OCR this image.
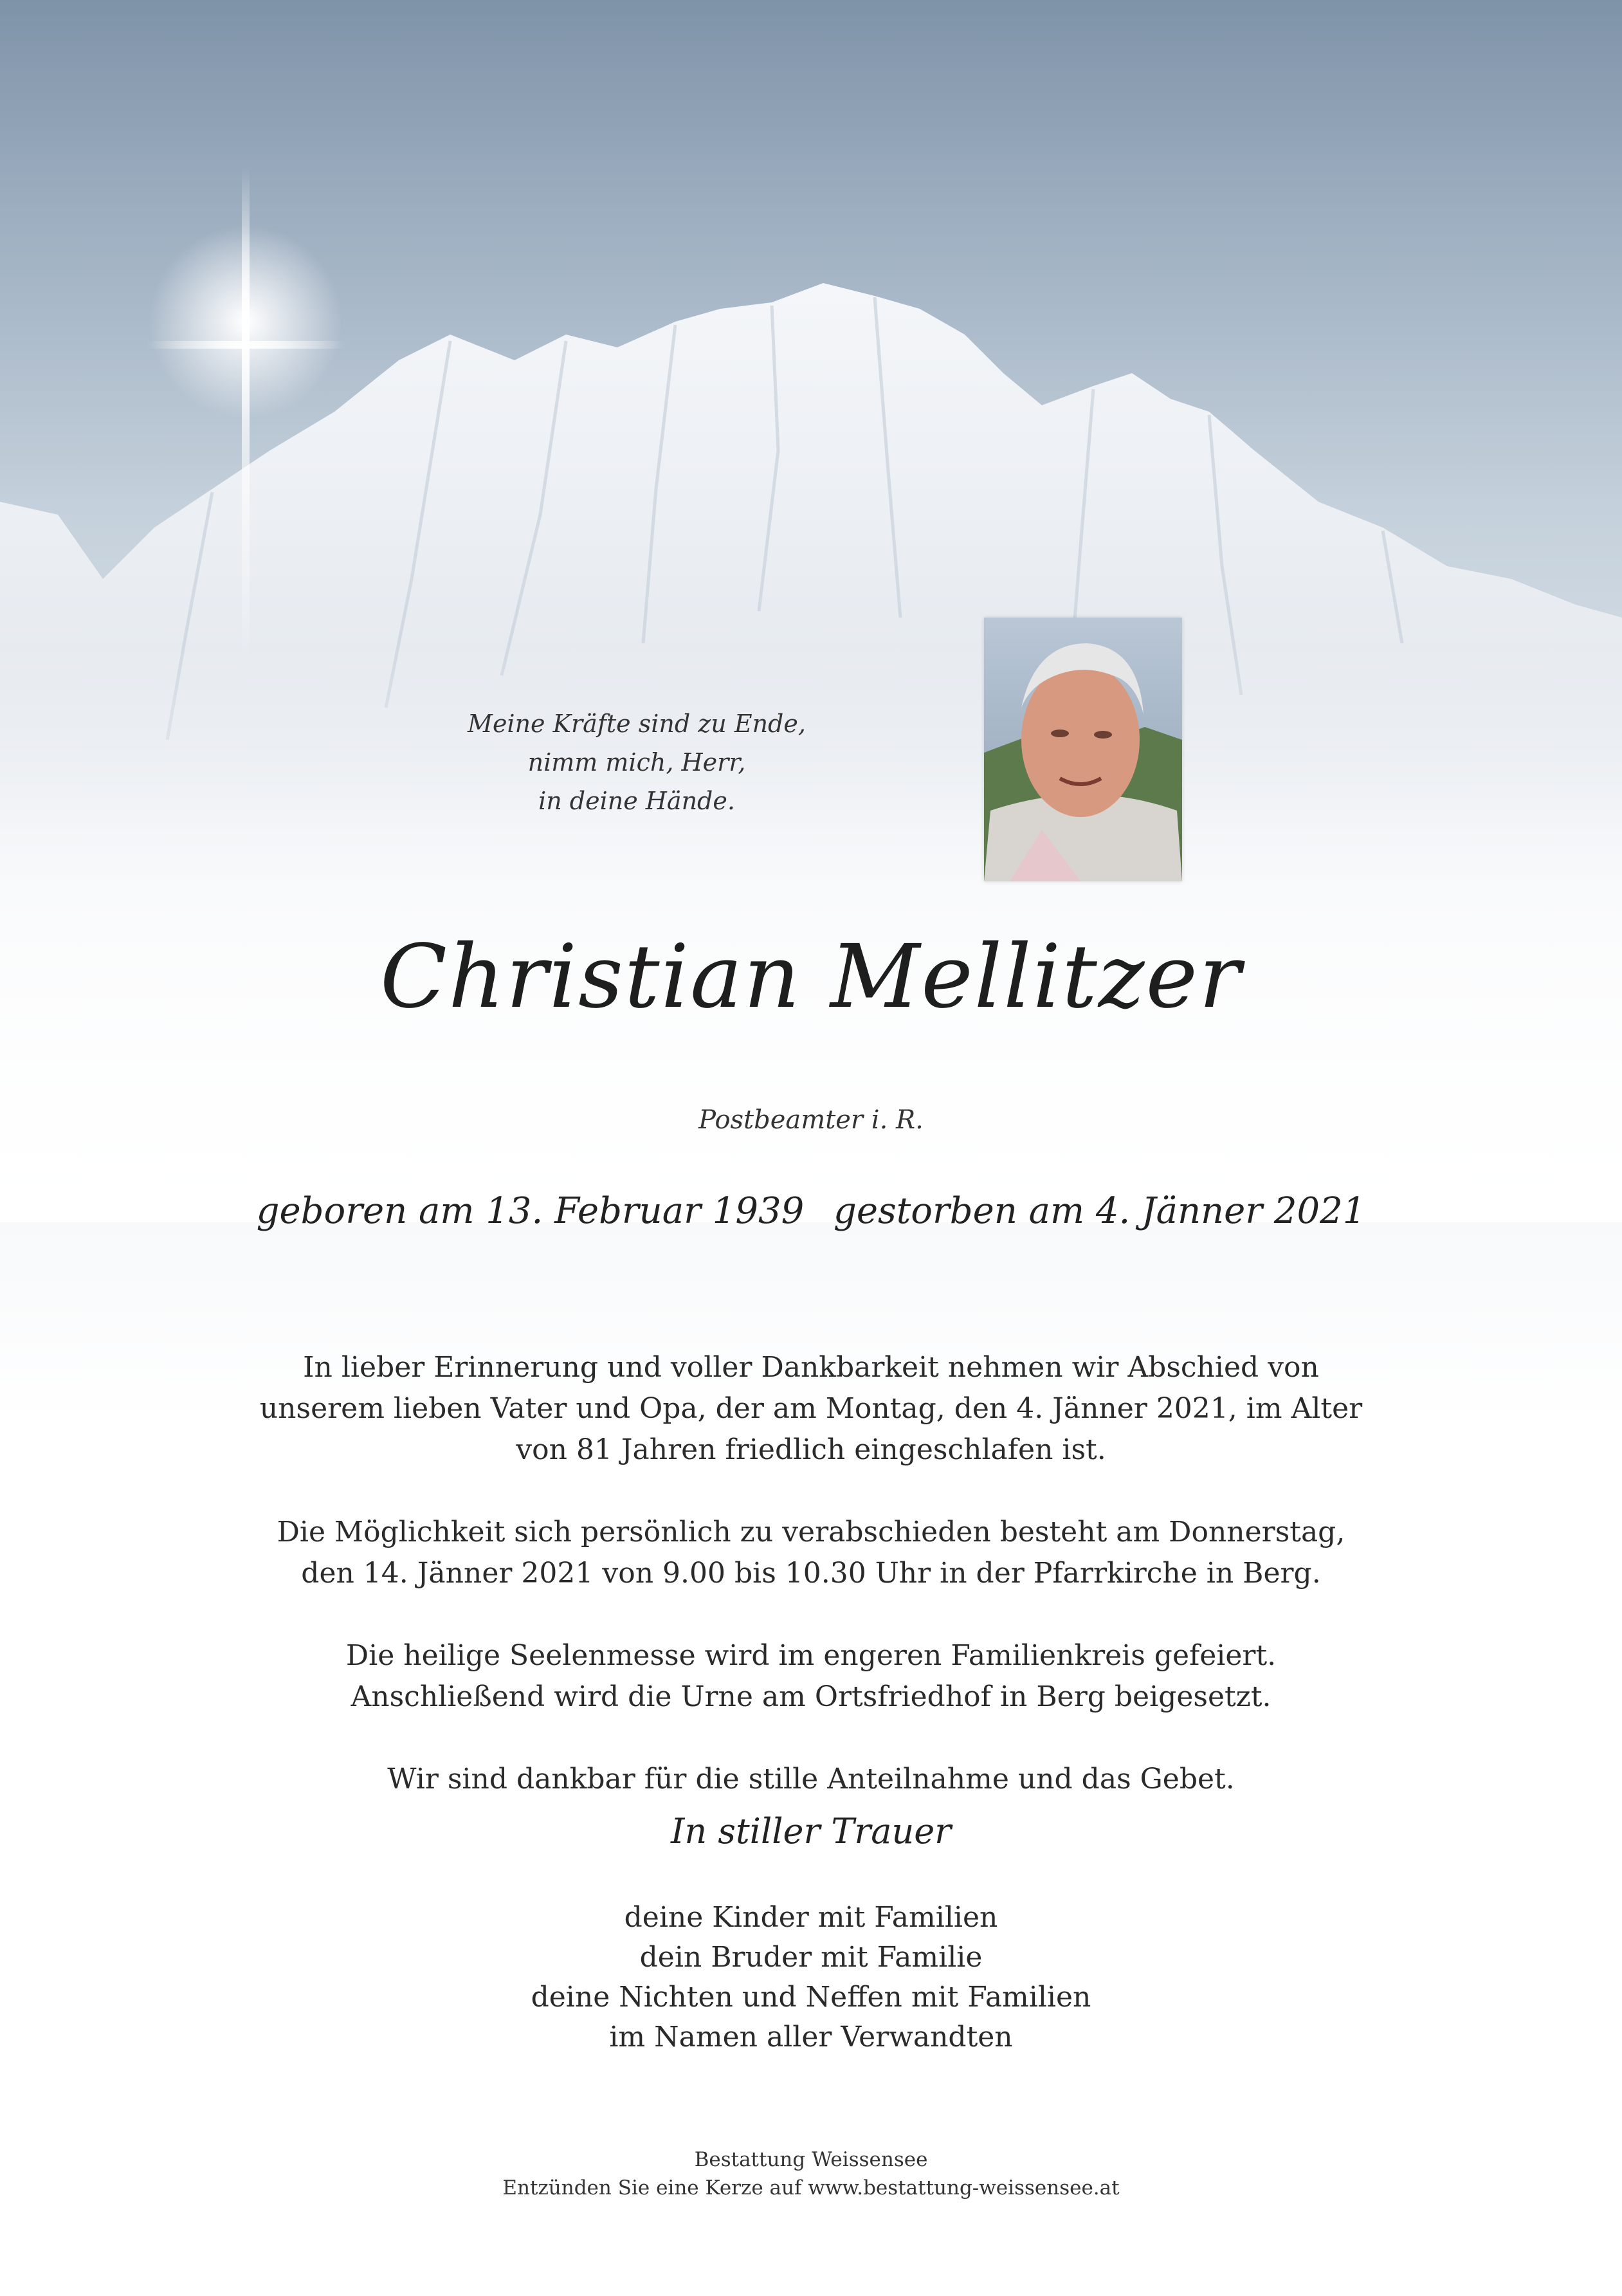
Meine Kräfte sind zu Ende,
nimm mich, Herr,
in deine Hände.
Christian Mellitzer
Postbeamter i. R.
geboren am 13. Februar 1939 gestorben am 4. Jänner 2021

In lieber Erinnerung und voller Dankbarkeit nehmen wir Abschied von
unserem lieben Vater und Opa, der am Montag, den 4. Jänner 2021, im Alter
von 81 Jahren friedlich eingeschlafen ist.

Die Möglichkeit sich persönlich zu verabschieden besteht am Donnerstag,
den 14. Jänner 2021 von 9.00 bis 10.30 Uhr in der Pfarrkirche in Berg.

Die heilige Seelenmesse wird im engeren Familienkreis gefeiert.
Anschließend wird die Urne am Ortsfriedhof in Berg beigesetzt.

Wir sind dankbar für die stille Anteilnahme und das Gebet.

In stiller Trauer
deine Kinder mit Familien
dein Bruder mit Familie
deine Nichten und Neffen mit Familien
im Namen aller Verwandten
Bestattung Weissensee
Entzünden Sie eine Kerze auf www.bestattung-weissensee.at
